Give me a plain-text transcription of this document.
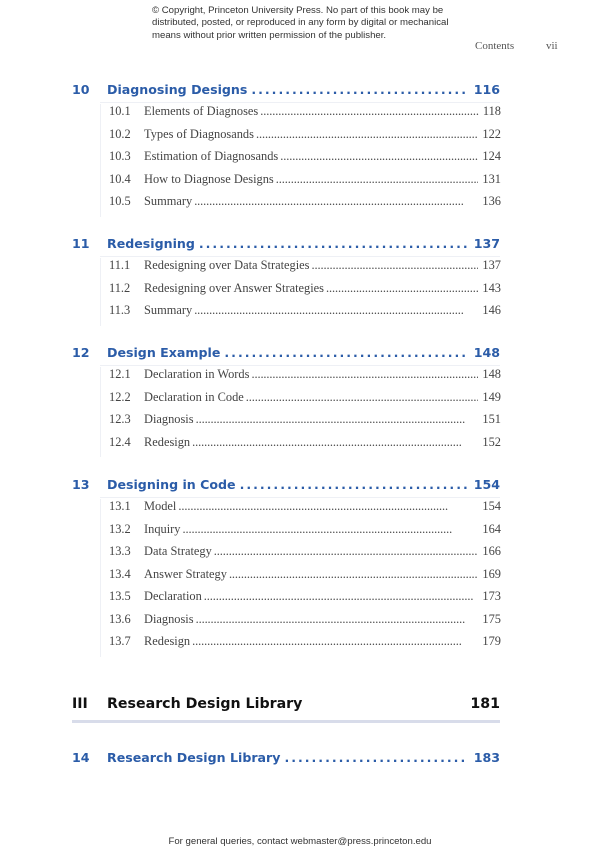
© Copyright, Princeton University Press. No part of this book may be distributed, posted, or reproduced in any form by digital or mechanical means without prior written permission of the publisher.
Contents	vii
10	Diagnosing Designs . . .	116
10.1	Elements of Diagnoses . . .	118
10.2	Types of Diagnosands . . .	122
10.3	Estimation of Diagnosands . . .	124
10.4	How to Diagnose Designs . . .	131
10.5	Summary . . .	136
11	Redesigning . . .	137
11.1	Redesigning over Data Strategies . . .	137
11.2	Redesigning over Answer Strategies . . .	143
11.3	Summary . . .	146
12	Design Example . . .	148
12.1	Declaration in Words . . .	148
12.2	Declaration in Code . . .	149
12.3	Diagnosis . . .	151
12.4	Redesign . . .	152
13	Designing in Code . . .	154
13.1	Model . . .	154
13.2	Inquiry . . .	164
13.3	Data Strategy . . .	166
13.4	Answer Strategy . . .	169
13.5	Declaration . . .	173
13.6	Diagnosis . . .	175
13.7	Redesign . . .	179
III	Research Design Library	181
14	Research Design Library . . .	183
For general queries, contact webmaster@press.princeton.edu
